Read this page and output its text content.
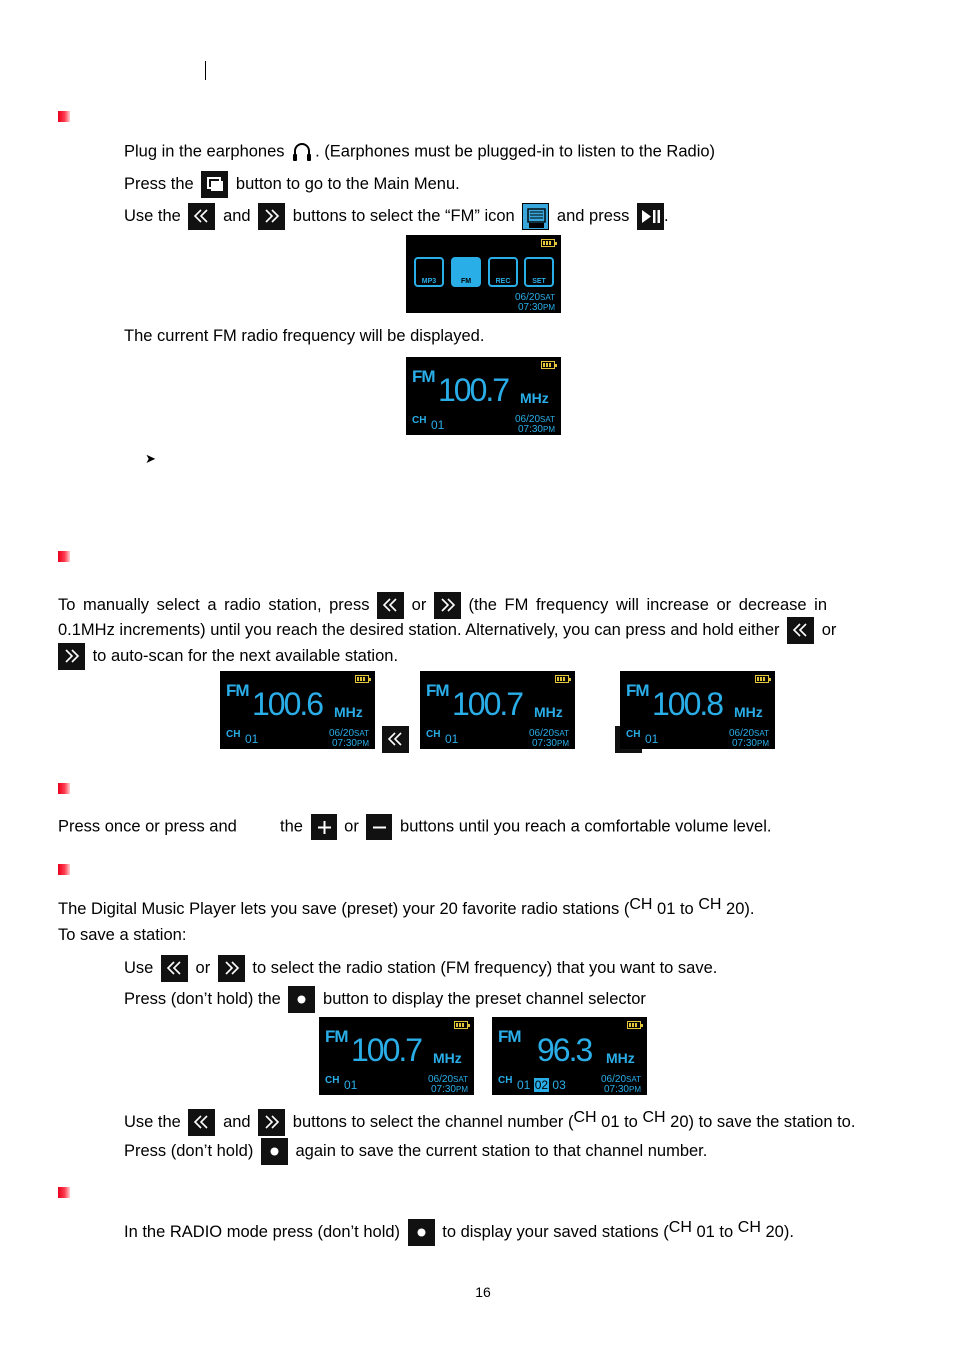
Plug in the earphones . (Earphones must be plugged-in to listen to the Radio)
Press the	button to go to the Main Menu.
Use the	and	buttons to select the “FM” icon	and press .
MP3	FM	REC	SET
06/20SAT
07:30PM
The current FM radio frequency will be displayed.
FM 100.7 MHz
CH 01	06/20SAT
07:30PM
➤
To manually select a radio station, press	or	(the FM frequency will increase or decrease in
0.1MHz increments) until you reach the desired station. Alternatively, you can press and hold either	or
to auto-scan for the next available station.
FM 100.6 MHz
CH 01	06/20SAT
07:30PM

FM 100.7 MHz
CH 01	06/20SAT
07:30PM
FM 100.8 MHz
CH 01	06/20SAT
07:30PM
Press once or press and	the or buttons until you reach a comfortable volume level.
The Digital Music Player lets you save (preset) your 20 favorite radio stations (CH 01 to CH 20).
To save a station:
Use	or	to select the radio station (FM frequency) that you want to save.
Press (don’t hold) the	button to display the preset channel selector
FM 100.7 MHz
CH 01	06/20SAT
07:30PM
FM 96.3 MHz
CH 01 02 03	06/20SAT
07:30PM
Use the	and	buttons to select the channel number (CH 01 to CH 20) to save the station to.
Press (don’t hold)	again to save the current station to that channel number.
In the RADIO mode press (don’t hold)	to display your saved stations (CH 01 to CH 20).
16
